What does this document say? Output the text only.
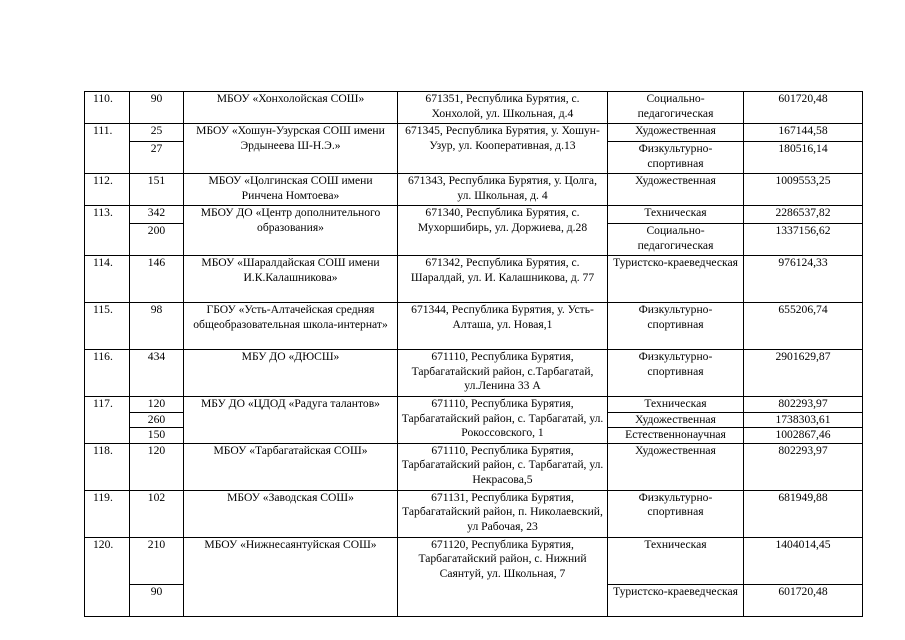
110.	90	МБОУ «Хонхолойская СОШ»	671351, Республика Бурятия, с. Хонхолой, ул. Школьная, д.4	Социально-педагогическая	601720,48
111.	25	МБОУ «Хошун-Узурская СОШ имени Эрдынеева Ш-Н.Э.»	671345, Республика Бурятия, у. Хошун-Узур, ул. Кооперативная, д.13	Художественная	167144,58
	27			Физкультурно-спортивная	180516,14
112.	151	МБОУ «Цолгинская СОШ имени Ринчена Номтоева»	671343, Республика Бурятия, у. Цолга, ул. Школьная, д. 4	Художественная	1009553,25
113.	342	МБОУ ДО «Центр дополнительного образования»	671340, Республика Бурятия, с. Мухоршибирь, ул. Доржиева, д.28	Техническая	2286537,82
	200			Социально-педагогическая	1337156,62
114.	146	МБОУ «Шаралдайская СОШ имени И.К.Калашникова»	671342, Республика Бурятия, с. Шаралдай, ул. И. Калашникова, д. 77	Туристско-краеведческая	976124,33
115.	98	ГБОУ «Усть-Алтачейская средняя общеобразовательная школа-интернат»	671344, Республика Бурятия, у. Усть-Алташа, ул. Новая,1	Физкультурно-спортивная	655206,74
116.	434	МБУ ДО «ДЮСШ»	671110, Республика Бурятия, Тарбагатайский район, с.Тарбагатай, ул.Ленина 33 А	Физкультурно-спортивная	2901629,87
117.	120	МБУ ДО «ЦДОД «Радуга талантов»	671110, Республика Бурятия, Тарбагатайский район, с. Тарбагатай, ул. Рокоссовского, 1	Техническая	802293,97
	260			Художественная	1738303,61
	150			Естественнонаучная	1002867,46
118.	120	МБОУ «Тарбагатайская СОШ»	671110, Республика Бурятия, Тарбагатайский район, с. Тарбагатай, ул. Некрасова,5	Художественная	802293,97
119.	102	МБОУ «Заводская СОШ»	671131, Республика Бурятия, Тарбагатайский район, п. Николаевский, ул Рабочая, 23	Физкультурно-спортивная	681949,88
120.	210	МБОУ «Нижнесаянтуйская СОШ»	671120, Республика Бурятия, Тарбагатайский район, с. Нижний Саянтуй, ул. Школьная, 7	Техническая	1404014,45
	90			Туристско-краеведческая	601720,48
